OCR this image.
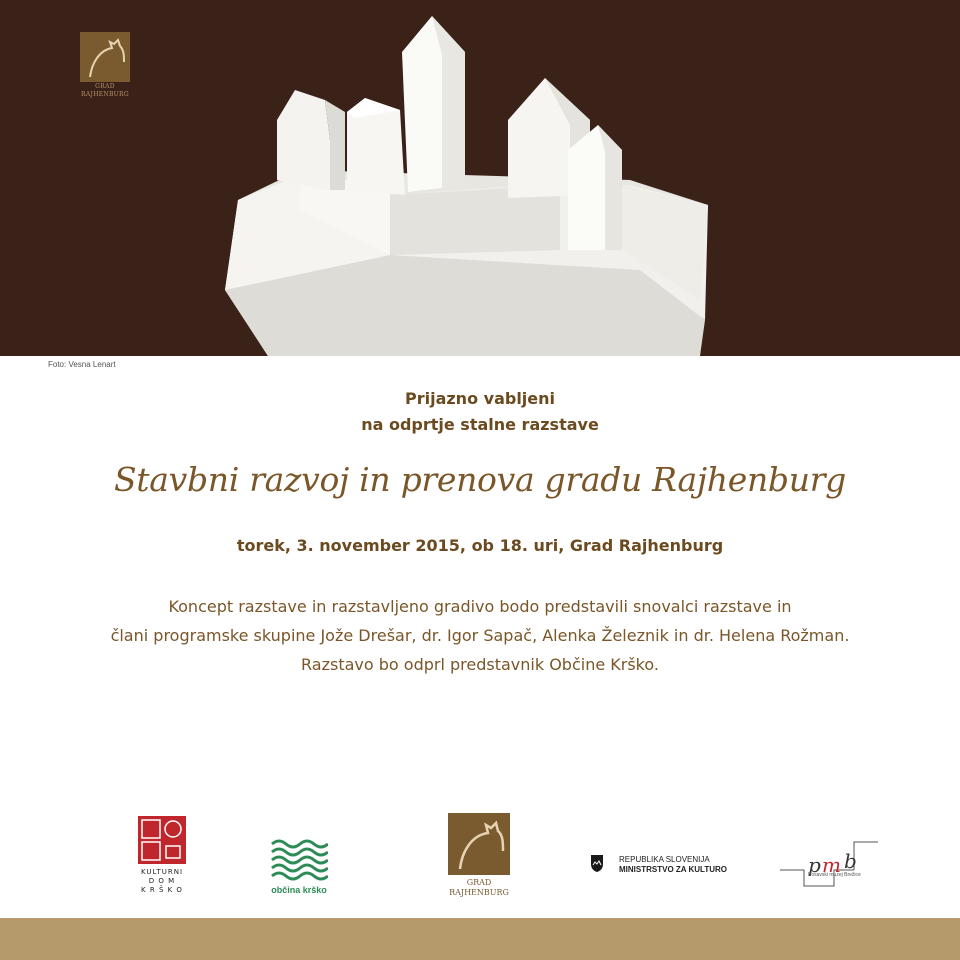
GRAD
RAJHENBURG
Foto: Vesna Lenart
Prijazno vabljeni
na odprtje stalne razstave
Stavbni razvoj in prenova gradu Rajhenburg
torek, 3. november 2015, ob 18. uri, Grad Rajhenburg
Koncept razstave in razstavljeno gradivo bodo predstavili snovalci razstave in
člani programske skupine Jože Drešar, dr. Igor Sapač, Alenka Železnik in dr. Helena Rožman.
Razstavo bo odprl predstavnik Občine Krško.
KULTURNI
D O M
K R Š K O	občina krško
GRAD
RAJHENBURG
REPUBLIKA SLOVENIJA
MINISTRSTVO ZA KULTURO	p m b
Posavski muzej Brežice
